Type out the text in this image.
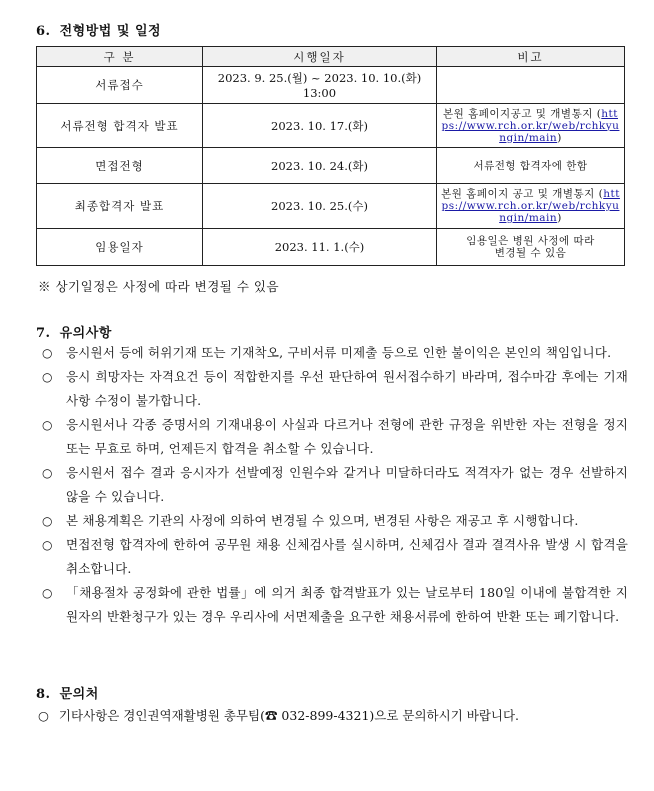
6. 전형방법 및 일정
구 분	시행일자	비고
서류접수	2023. 9. 25.(월) ~ 2023. 10. 10.(화) 13:00	
서류전형 합격자 발표	2023. 10. 17.(화)	본원 홈페이지공고 및 개별통지 (https://www.rch.or.kr/web/rchkyungin/main)
면접전형	2023. 10. 24.(화)	서류전형 합격자에 한함
최종합격자 발표	2023. 10. 25.(수)	본원 홈페이지 공고 및 개별통지 (https://www.rch.or.kr/web/rchkyungin/main)
임용일자	2023. 11. 1.(수)	임용일은 병원 사정에 따라 변경될 수 있음
※ 상기일정은 사정에 따라 변경될 수 있음
7. 유의사항
○ 응시원서 등에 허위기재 또는 기재착오, 구비서류 미제출 등으로 인한 불이익은 본인의 책임입니다.
○ 응시 희망자는 자격요건 등이 적합한지를 우선 판단하여 원서접수하기 바라며, 접수마감 후에는 기재사항 수정이 불가합니다.
○ 응시원서나 각종 증명서의 기재내용이 사실과 다르거나 전형에 관한 규정을 위반한 자는 전형을 정지 또는 무효로 하며, 언제든지 합격을 취소할 수 있습니다.
○ 응시원서 접수 결과 응시자가 선발예정 인원수와 같거나 미달하더라도 적격자가 없는 경우 선발하지 않을 수 있습니다.
○ 본 채용계획은 기관의 사정에 의하여 변경될 수 있으며, 변경된 사항은 재공고 후 시행합니다.
○ 면접전형 합격자에 한하여 공무원 채용 신체검사를 실시하며, 신체검사 결과 결격사유 발생 시 합격을 취소합니다.
○ 「채용절차 공정화에 관한 법률」에 의거 최종 합격발표가 있는 날로부터 180일 이내에 불합격한 지원자의 반환청구가 있는 경우 우리사에 서면제출을 요구한 채용서류에 한하여 반환 또는 폐기합니다.
8. 문의처
○ 기타사항은 경인권역재활병원 총무팀(☎ 032-899-4321)으로 문의하시기 바랍니다.
